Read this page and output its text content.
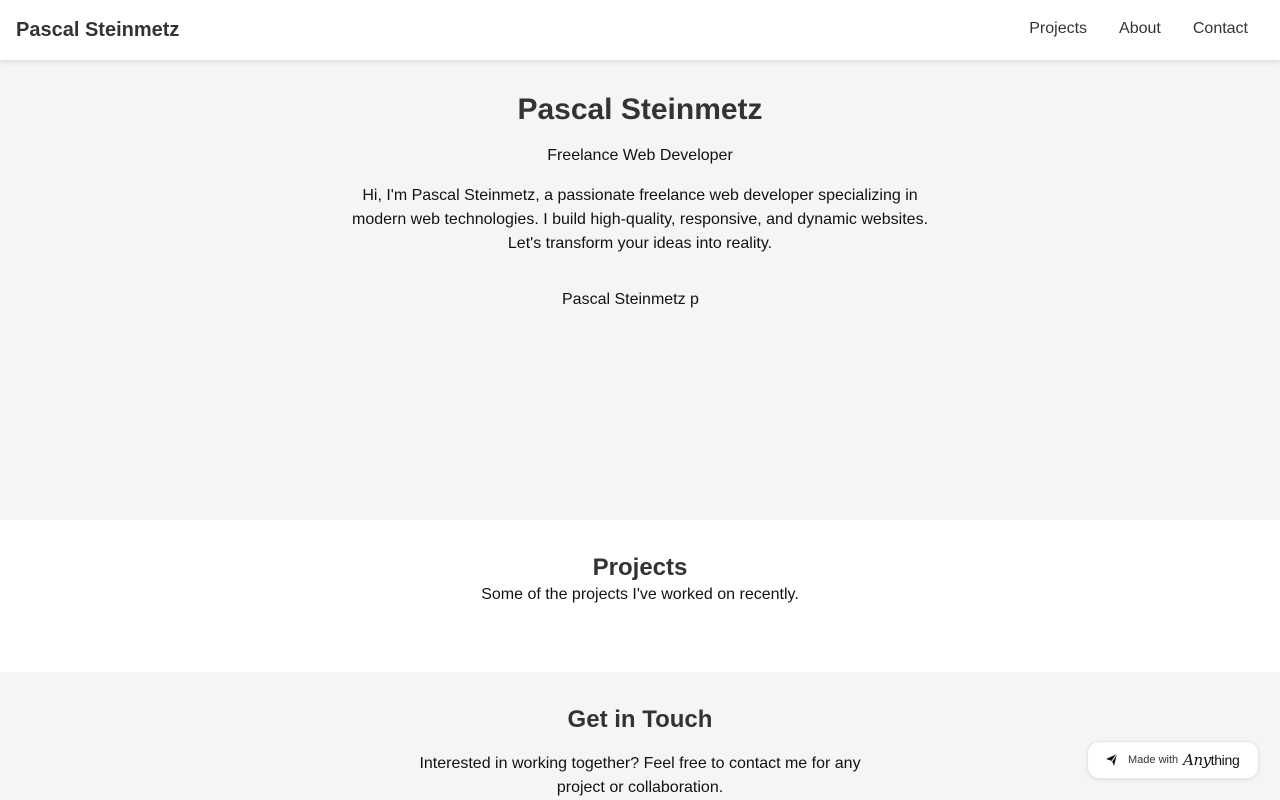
Pascal Steinmetz	Projects About Contact
Pascal Steinmetz

Freelance Web Developer

Hi, I'm Pascal Steinmetz, a passionate freelance web developer specializing in modern web technologies. I build high-quality, responsive, and dynamic websites. Let's transform your ideas into reality.

Pascal Steinmetz p
Projects

Some of the projects I've worked on recently.

Get in Touch

Interested in working together? Feel free to contact me for any project or collaboration.

Made with Anything
